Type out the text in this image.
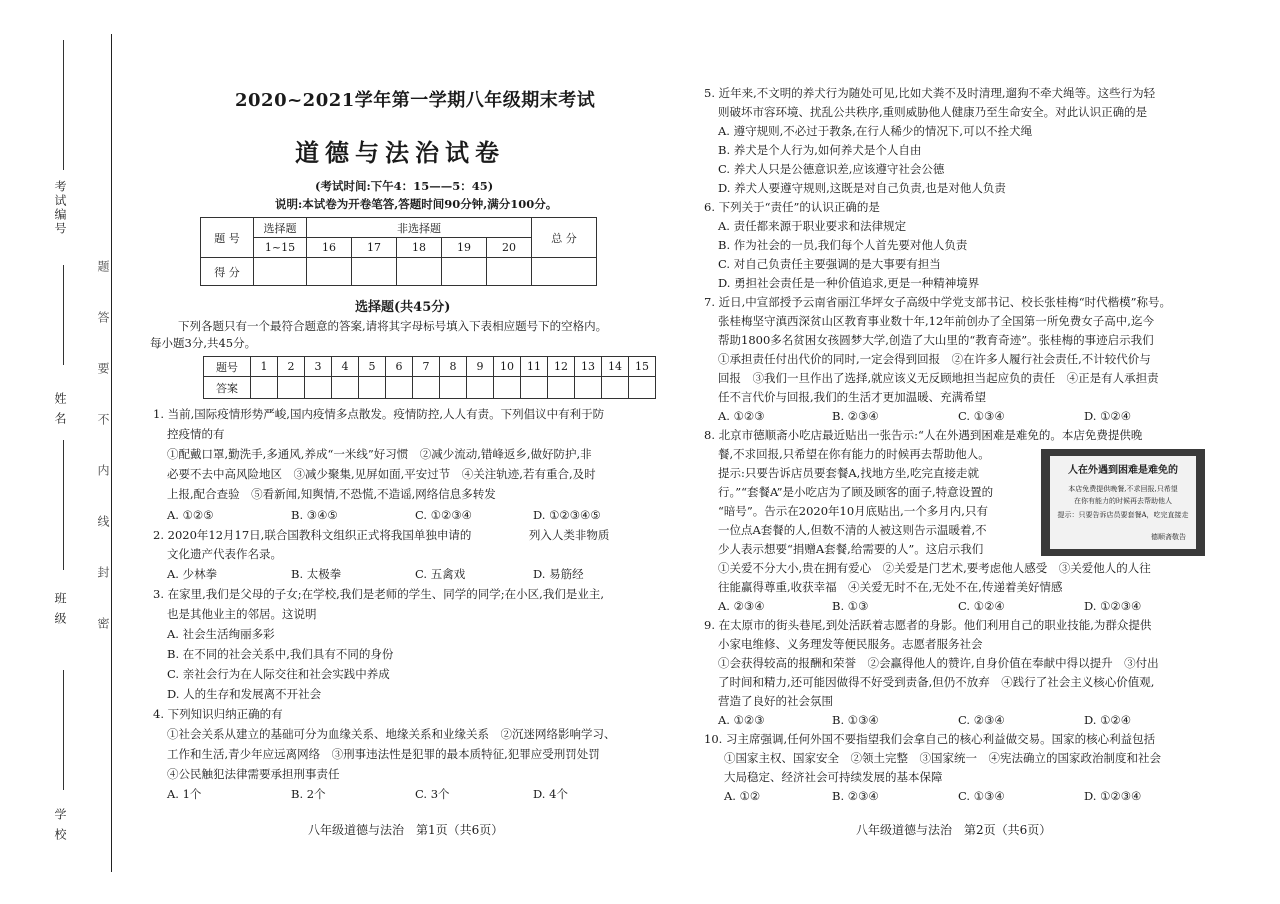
考试编号
姓 名
班 级
学 校
题答要不内线封密
2020~2021学年第一学期八年级期末考试
道德与法治试卷
(考试时间:下午4：15——5：45)
说明:本试卷为开卷笔答,答题时间90分钟,满分100分。
题 号	选择题	非选择题					总 分
	1~15	16	17	18	19	20	
得 分							
选择题(共45分)
下列各题只有一个最符合题意的答案,请将其字母标号填入下表相应题号下的空格内。
每小题3分,共45分。
题号	1	2	3	4	5	6	7	8	9	10	11	12	13	14	15
答案															
1. 当前,国际疫情形势严峻,国内疫情多点散发。疫情防控,人人有责。下列倡议中有利于防
控疫情的有
①配戴口罩,勤洗手,多通风,养成“一米线”好习惯　②减少流动,错峰返乡,做好防护,非
必要不去中高风险地区　③减少聚集,见屏如面,平安过节　④关注轨迹,若有重合,及时
上报,配合查验　⑤看新闻,知舆情,不恐慌,不造谣,网络信息多转发
A. ①②⑤	B. ③④⑤	C. ①②③④	D. ①②③④⑤
2. 2020年12月17日,联合国教科文组织正式将我国单独申请的　　　　　列入人类非物质
文化遗产代表作名录。
A. 少林拳	B. 太极拳	C. 五禽戏	D. 易筋经
3. 在家里,我们是父母的子女;在学校,我们是老师的学生、同学的同学;在小区,我们是业主,
也是其他业主的邻居。这说明
A. 社会生活绚丽多彩
B. 在不同的社会关系中,我们具有不同的身份
C. 亲社会行为在人际交往和社会实践中养成
D. 人的生存和发展离不开社会
4. 下列知识归纳正确的有
①社会关系从建立的基础可分为血缘关系、地缘关系和业缘关系　②沉迷网络影响学习、
工作和生活,青少年应远离网络　③刑事违法性是犯罪的最本质特征,犯罪应受刑罚处罚
④公民触犯法律需要承担刑事责任
A. 1个	B. 2个	C. 3个	D. 4个
八年级道德与法治　第1页（共6页）
5. 近年来,不文明的养犬行为随处可见,比如犬粪不及时清理,遛狗不牵犬绳等。这些行为轻
则破坏市容环境、扰乱公共秩序,重则威胁他人健康乃至生命安全。对此认识正确的是
A. 遵守规则,不必过于教条,在行人稀少的情况下,可以不拴犬绳
B. 养犬是个人行为,如何养犬是个人自由
C. 养犬人只是公德意识差,应该遵守社会公德
D. 养犬人要遵守规则,这既是对自己负责,也是对他人负责
6. 下列关于“责任”的认识正确的是
A. 责任都来源于职业要求和法律规定
B. 作为社会的一员,我们每个人首先要对他人负责
C. 对自己负责任主要强调的是大事要有担当
D. 勇担社会责任是一种价值追求,更是一种精神境界
7. 近日,中宣部授予云南省丽江华坪女子高级中学党支部书记、校长张桂梅“时代楷模”称号。
张桂梅坚守滇西深贫山区教育事业数十年,12年前创办了全国第一所免费女子高中,迄今
帮助1800多名贫困女孩圆梦大学,创造了大山里的“教育奇迹”。张桂梅的事迹启示我们
①承担责任付出代价的同时,一定会得到回报　②在许多人履行社会责任,不计较代价与
回报　③我们一旦作出了选择,就应该义无反顾地担当起应负的责任　④正是有人承担责
任不言代价与回报,我们的生活才更加温暖、充满希望
A. ①②③	B. ②③④	C. ①③④	D. ①②④
8. 北京市德顺斋小吃店最近贴出一张告示:“人在外遇到困难是难免的。本店免费提供晚
餐,不求回报,只希望在你有能力的时候再去帮助他人。
提示:只要告诉店员要套餐A,找地方坐,吃完直接走就
行。”“套餐A”是小吃店为了顾及顾客的面子,特意设置的
“暗号”。告示在2020年10月底贴出,一个多月内,只有
一位点A套餐的人,但数不清的人被这则告示温暖着,不
少人表示想要“捐赠A套餐,给需要的人”。这启示我们
①关爱不分大小,贵在拥有爱心　②关爱是门艺术,要考虑他人感受　③关爱他人的人往
往能赢得尊重,收获幸福　④关爱无时不在,无处不在,传递着美好情感
A. ②③④	B. ①③	C. ①②④	D. ①②③④
人在外遇到困难是难免的
本店免费提供晚餐,不求回报,只希望
在你有能力的时候再去帮助他人
提示：只要告诉店员要套餐A，吃完直接走
德顺斋敬告
9. 在太原市的街头巷尾,到处活跃着志愿者的身影。他们利用自己的职业技能,为群众提供
小家电维修、义务理发等便民服务。志愿者服务社会
①会获得较高的报酬和荣誉　②会赢得他人的赞许,自身价值在奉献中得以提升　③付出
了时间和精力,还可能因做得不好受到责备,但仍不放弃　④践行了社会主义核心价值观,
营造了良好的社会氛围
A. ①②③	B. ①③④	C. ②③④	D. ①②④
10. 习主席强调,任何外国不要指望我们会拿自己的核心利益做交易。国家的核心利益包括
①国家主权、国家安全　②领土完整　③国家统一　④宪法确立的国家政治制度和社会
大局稳定、经济社会可持续发展的基本保障
A. ①②	B. ②③④	C. ①③④	D. ①②③④
八年级道德与法治　第2页（共6页）
